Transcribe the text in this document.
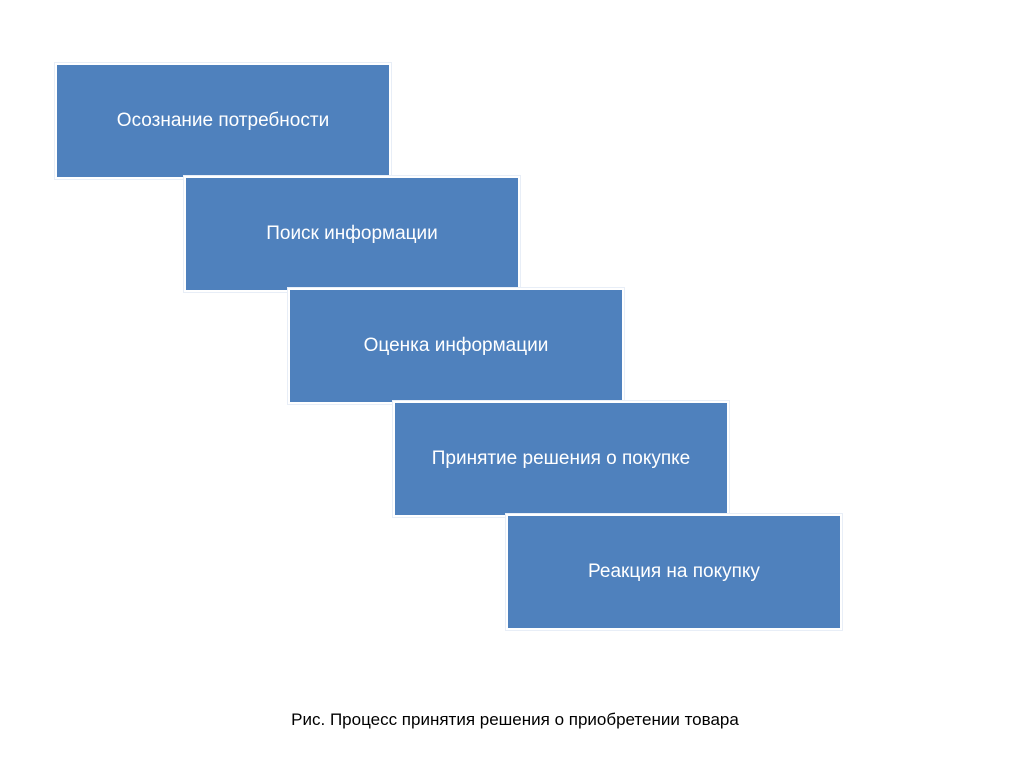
Осознание потребности
Поиск информации
Оценка информации
Принятие решения о покупке
Реакция на покупку
Рис. Процесс принятия решения о приобретении товара
